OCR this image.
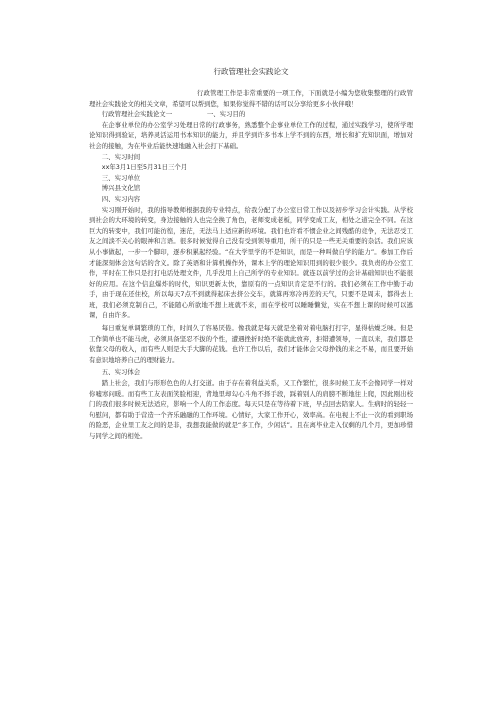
行政管理社会实践论文

行政管理工作是非常重要的一项工作，下面就是小编为您收集整理的行政管理社会实践论文的相关文章，希望可以帮到您，如果你觉得不错的话可以分享给更多小伙伴哦！

行政管理社会实践论文一	一、实习目的

在企事业单位的办公室学习处理日常的行政事务，熟悉整个企事业单位工作的过程，通过实践学习，使所学理论知识得到验证，培养灵活运用书本知识的能力，并且学到许多书本上学不到的东西，增长和扩充知识面，增加对社会的接触，为在毕业后能快速地融入社会打下基础。

二、实习时间

xx年3月1日至5月31日三个月

三、实习单位

博兴县文化馆

四、实习内容

实习刚开始时，我的指导教师根据我的专业特点，给我分配了办公室日常工作以及初步学习会计实践。从学校到社会的大环境的转变，身边接触的人也完全换了角色，老师变成老板，同学变成工友，相处之道完全不同。在这巨大的转变中，我们可能彷徨，迷茫，无法马上适应新的环境。我们也许看不惯企业之间残酷的竞争，无法忍受工友之间淡不关心的眼神和言语。很多时候觉得自己没有受到领导重用，所干的只是一些无关重要的杂活。我们应该从小事做起，一步一个脚印，逐步积累起经验。“在大学里学的不是知识，而是一种叫做自学的能力”。参加工作后才能深刻体会这句话的含义。除了英语和计算机操作外，课本上学的理论知识用到的很少很少。我负责的办公室工作，平时在工作只是打打电话处理文件，几乎没用上自己所学的专业知识。就连以前学过的会计基础知识也不能很好的应用。在这个信息爆炸的时代，知识更新太快，靠原有的一点知识肯定是不行的。我们必须在工作中勤于动手，由于现在还住校，所以每天7点不到就得起床去挤公交车，就算再寒冷再差的天气，只要不是周末，都得去上班，我们必须克制自己，不能随心所欲地不想上班就不来，而在学校可以睡睡懒觉，实在不想上课的时候可以逃课，自由许多。

每日重复单调繁琐的工作，时间久了容易厌倦。像我就是每天就是坐着对着电脑打打字，显得枯燥乏味。但是工作简单也不能马虎，必须具备坚忍不拔的个性，遭遇挫折时绝不能就此放弃，拒错遭领导，一直以来，我们都是依靠父母的收入，而有些人则是大手大脚的花钱。也许工作以后，我们才能体会父母挣钱的来之不易，而且要开始有意识地培养自己的理财能力。

五、实习体会

踏上社会，我们与形形色色的人打交道。由于存在着利益关系，又工作繁忙，很多时候工友不会像同学一样对你嘘寒问暖。而有些工友表面笑脸相迎，背地里却勾心斗角不择手段，踩着别人的肩膀不断地往上爬，因此刚出校门的我们很多时候无法适应，影响一个人的工作态度。每天只是在等待着下班，早点回去陪家人。生病时的轻轻一句慰问，都有助于营造一个齐乐融融的工作环境。心情好，大家工作开心，效率高。在电视上不止一次的看到职场的险恶，企业里工友之间的是非，我想我能做的就是“多工作，少闲话”。且在离毕业走入仅剩的几个月，更加珍惜与同学之间的相处。
